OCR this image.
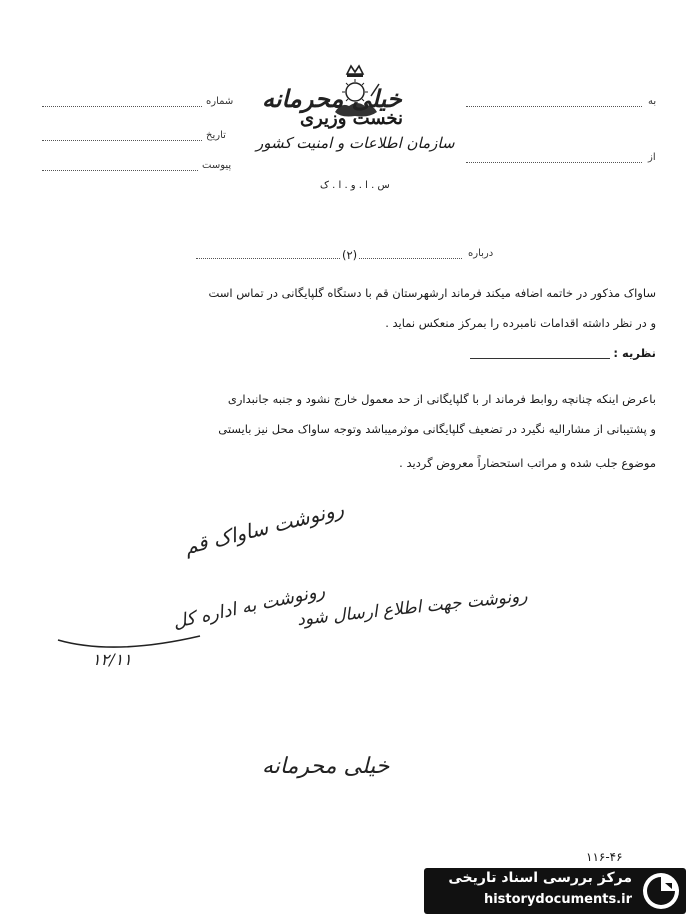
خیلی محرمانه
نخست وزیری
سازمان اطلاعات و امنیت کشور
س . ا . و . ا . ک
شماره
تاریخ
پیوست
به
از
(۲)	درباره
ساواک مذکور در خاتمه اضافه میکند فرماند ارشهرستان قم با دستگاه گلپایگانی در تماس است
و در نظر داشته اقدامات نامبرده را بمرکز منعکس نماید .
نظریه :
باعرض اینکه چنانچه روابط فرماند ار با گلپایگانی از حد معمول خارج نشود و جنبه جانبداری
و پشتیبانی از مشارالیه نگیرد در تضعیف گلپایگانی موثرمیباشد وتوجه ساواک محل نیز بایستی
موضوع جلب شده و مراتب استحضاراً معروض گردید .
رونوشت ساواک قم
رونوشت به اداره کل
۱۲/۱۱
رونوشت جهت اطلاع ارسال شود
خیلی محرمانه
۱۱۶-۴۶
مرکز بررسی اسناد تاریخی
historydocuments.ir
